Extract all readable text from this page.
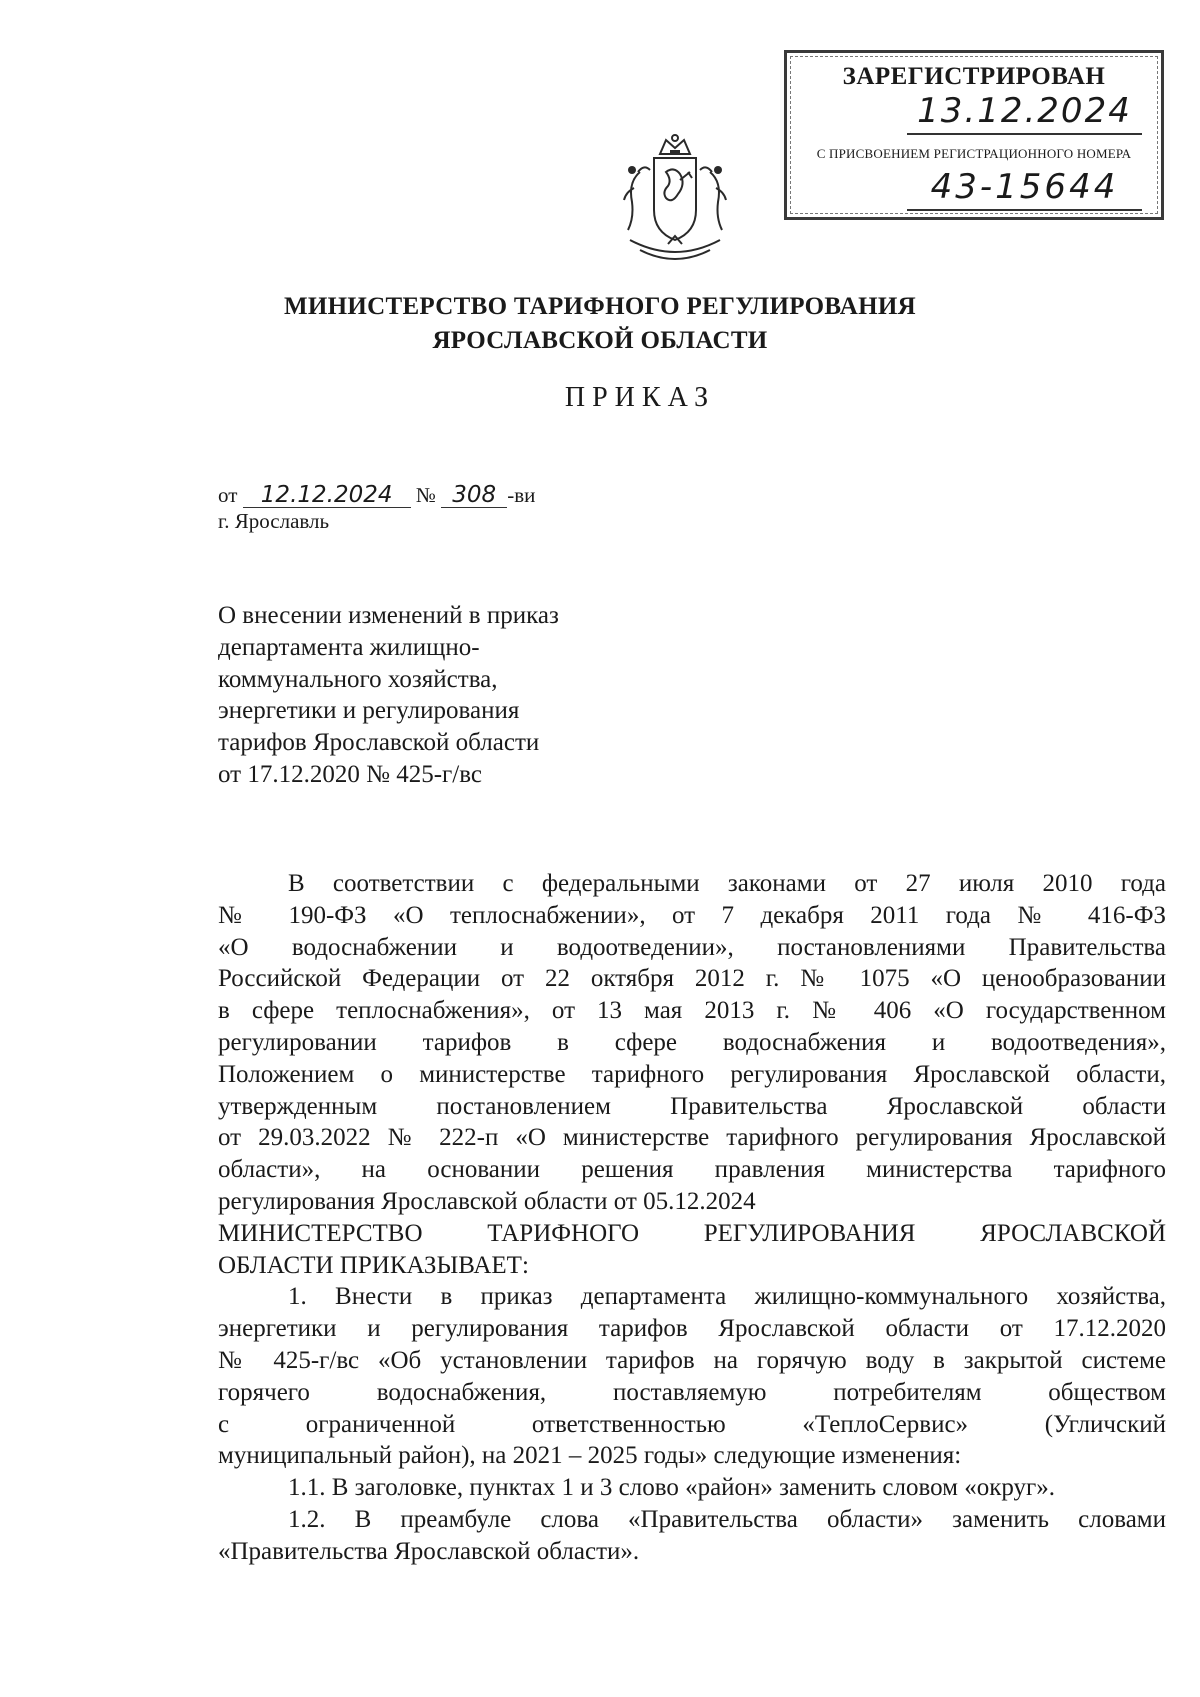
ЗАРЕГИСТРИРОВАН
13.12.2024
С ПРИСВОЕНИЕМ РЕГИСТРАЦИОННОГО НОМЕРА
43-15644
МИНИСТЕРСТВО ТАРИФНОГО РЕГУЛИРОВАНИЯ
ЯРОСЛАВСКОЙ ОБЛАСТИ
ПРИКАЗ
от 12.12.2024 № 308 -ви
г. Ярославль
О внесении изменений в приказ
департамента жилищно-
коммунального хозяйства,
энергетики и регулирования
тарифов Ярославской области
от 17.12.2020 № 425-г/вс
В соответствии с федеральными законами от 27 июля 2010 года
№ 190-ФЗ «О теплоснабжении», от 7 декабря 2011 года № 416-ФЗ
«О водоснабжении и водоотведении», постановлениями Правительства
Российской Федерации от 22 октября 2012 г. № 1075 «О ценообразовании
в сфере теплоснабжения», от 13 мая 2013 г. № 406 «О государственном
регулировании тарифов в сфере водоснабжения и водоотведения»,
Положением о министерстве тарифного регулирования Ярославской области,
утвержденным постановлением Правительства Ярославской области
от 29.03.2022 № 222-п «О министерстве тарифного регулирования Ярославской
области», на основании решения правления министерства тарифного
регулирования Ярославской области от 05.12.2024
МИНИСТЕРСТВО ТАРИФНОГО РЕГУЛИРОВАНИЯ ЯРОСЛАВСКОЙ
ОБЛАСТИ ПРИКАЗЫВАЕТ:
1. Внести в приказ департамента жилищно-коммунального хозяйства,
энергетики и регулирования тарифов Ярославской области от 17.12.2020
№ 425-г/вс «Об установлении тарифов на горячую воду в закрытой системе
горячего водоснабжения, поставляемую потребителям обществом
с ограниченной ответственностью «ТеплоСервис» (Угличский
муниципальный район), на 2021 – 2025 годы» следующие изменения:
1.1. В заголовке, пунктах 1 и 3 слово «район» заменить словом «округ».
1.2. В преамбуле слова «Правительства области» заменить словами
«Правительства Ярославской области».
